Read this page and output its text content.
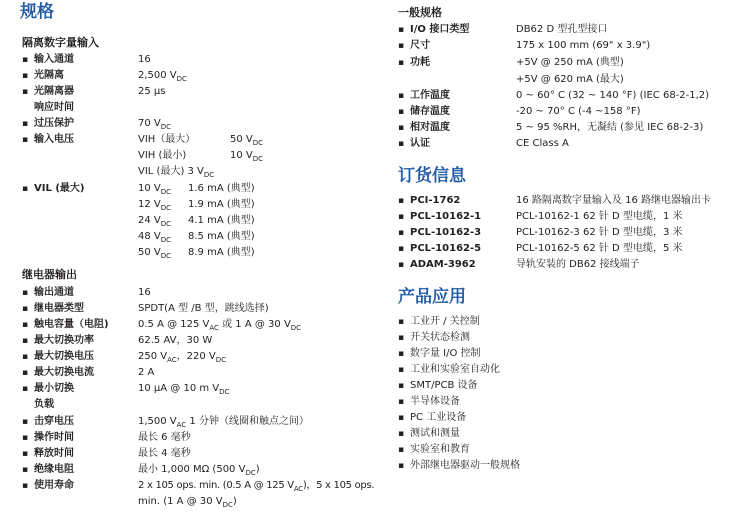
规格
隔离数字量输入
▪ 输入通道	16
▪ 光隔离	2,500 $V_{DC}$
▪ 光隔离器	25 µs
响应时间
▪ 过压保护	70 $V_{DC}$
▪ 输入电压	VIH（最大）	50 $V_{DC}$
VIH (最小)	10 $V_{DC}$
VIL (最大) 3 $V_{DC}$
▪ VIL (最大)	10 $V_{DC}$ 1.6 mA (典型)
12 $V_{DC}$ 1.9 mA (典型)
24 $V_{DC}$ 4.1 mA (典型)
48 $V_{DC}$ 8.5 mA (典型)
50 $V_{DC}$ 8.9 mA (典型)
继电器输出
▪ 输出通道	16
▪ 继电器类型	SPDT(A 型 /B 型，跳线选择)
▪ 触电容量（电阻)	0.5 A @ 125 $V_{AC}$ 或 1 A @ 30 $V_{DC}$
▪ 最大切换功率	62.5 AV，30 W
▪ 最大切换电压	250 $V_{AC}$，220 $V_{DC}$
▪ 最大切换电流	2 A
▪ 最小切换	10 µA @ 10 m $V_{DC}$
负载
▪ 击穿电压	1,500 $V_{AC}$ 1 分钟（线圈和触点之间）
▪ 操作时间	最长 6 毫秒
▪ 释放时间	最长 4 毫秒
▪ 绝缘电阻	最小 1,000 MΩ (500 $V_{DC}$)
▪ 使用寿命	2 x 105 ops. min. (0.5 A @ 125 $V_{AC}$)，5 x 105 ops.
min. (1 A @ 30 $V_{DC}$)
一般规格
▪ I/O 接口类型	DB62 D 型孔型接口
▪ 尺寸	175 x 100 mm (69" x 3.9")
▪ 功耗	+5V @ 250 mA (典型)
+5V @ 620 mA (最大)
▪ 工作温度	0 ~ 60° C (32 ~ 140 °F) (IEC 68-2-1,2)
▪ 储存温度	-20 ~ 70° C (-4 ~158 °F)
▪ 相对温度	5 ~ 95 %RH，无凝结 (参见 IEC 68-2-3)
▪ 认证	CE Class A
订货信息
▪ PCI-1762	16 路隔离数字量输入及 16 路继电器输出卡
▪ PCL-10162-1	PCL-10162-1 62 针 D 型电缆，1 米
▪ PCL-10162-3	PCL-10162-3 62 针 D 型电缆，3 米
▪ PCL-10162-5	PCL-10162-5 62 针 D 型电缆，5 米
▪ ADAM-3962	导轨安装的 DB62 接线端子
产品应用
▪ 工业开 / 关控制
▪ 开关状态检测
▪ 数字量 I/O 控制
▪ 工业和实验室自动化
▪ SMT/PCB 设备
▪ 半导体设备
▪ PC 工业设备
▪ 测试和测量
▪ 实验室和教育
▪ 外部继电器驱动一般规格
